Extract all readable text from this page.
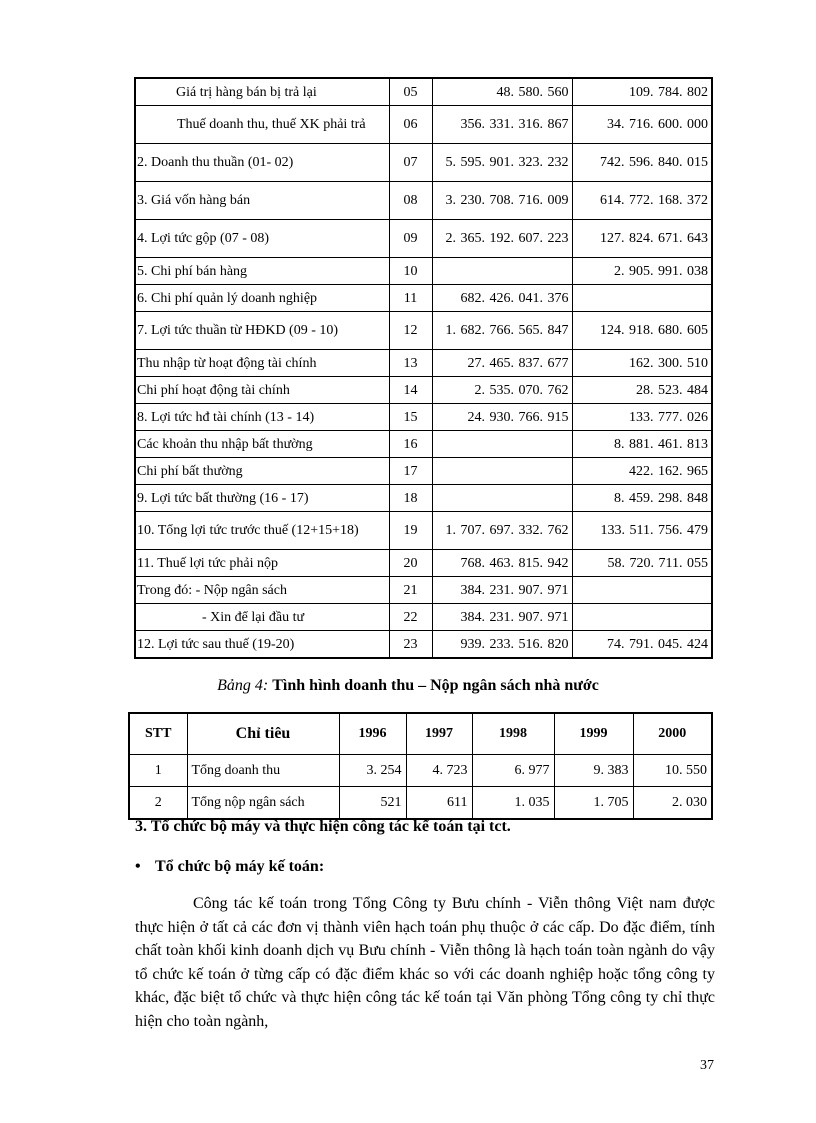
Giá trị hàng bán bị trả lại	05	48. 580. 560	109. 784. 802
Thuế doanh thu, thuế XK phải trả	06	356. 331. 316. 867	34. 716. 600. 000
2. Doanh thu thuần (01- 02)	07	5. 595. 901. 323. 232	742. 596. 840. 015
3. Giá vốn hàng bán	08	3. 230. 708. 716. 009	614. 772. 168. 372
4. Lợi tức gộp (07 - 08)	09	2. 365. 192. 607. 223	127. 824. 671. 643
5. Chi phí bán hàng	10		2. 905. 991. 038
6. Chi phí quản lý doanh nghiệp	11	682. 426. 041. 376	
7. Lợi tức thuần từ HĐKD (09 - 10)	12	1. 682. 766. 565. 847	124. 918. 680. 605
Thu nhập từ hoạt động tài chính	13	27. 465. 837. 677	162. 300. 510
Chi phí hoạt động tài chính	14	2. 535. 070. 762	28. 523. 484
8. Lợi tức hđ tài chính (13 - 14)	15	24. 930. 766. 915	133. 777. 026
Các khoản thu nhập bất thường	16		8. 881. 461. 813
Chi phí bất thường	17		422. 162. 965
9. Lợi tức bất thường (16 - 17)	18		8. 459. 298. 848
10. Tổng lợi tức trước thuế (12+15+18)	19	1. 707. 697. 332. 762	133. 511. 756. 479
11. Thuế lợi tức phải nộp	20	768. 463. 815. 942	58. 720. 711. 055
Trong đó: - Nộp ngân sách	21	384. 231. 907. 971	
- Xin để lại đầu tư	22	384. 231. 907. 971	
12. Lợi tức sau thuế (19-20)	23	939. 233. 516. 820	74. 791. 045. 424
Bảng 4: Tình hình doanh thu – Nộp ngân sách nhà nước
STT	Chỉ tiêu	1996	1997	1998	1999	2000
1	Tổng doanh thu	3. 254	4. 723	6. 977	9. 383	10. 550
2	Tổng nộp ngân sách	521	611	1. 035	1. 705	2. 030
3. Tổ chức bộ máy và thực hiện công tác kế toán tại tct.
• Tổ chức bộ máy kế toán:

Công tác kế toán trong Tổng Công ty Bưu chính - Viễn thông Việt nam được thực hiện ở tất cả các đơn vị thành viên hạch toán phụ thuộc ở các cấp. Do đặc điểm, tính chất toàn khối kinh doanh dịch vụ Bưu chính - Viễn thông là hạch toán toàn ngành do vậy tổ chức kế toán ở từng cấp có đặc điểm khác so với các doanh nghiệp hoặc tổng công ty khác, đặc biệt tổ chức và thực hiện công tác kế toán tại Văn phòng Tổng công ty chỉ thực hiện cho toàn ngành,

37
